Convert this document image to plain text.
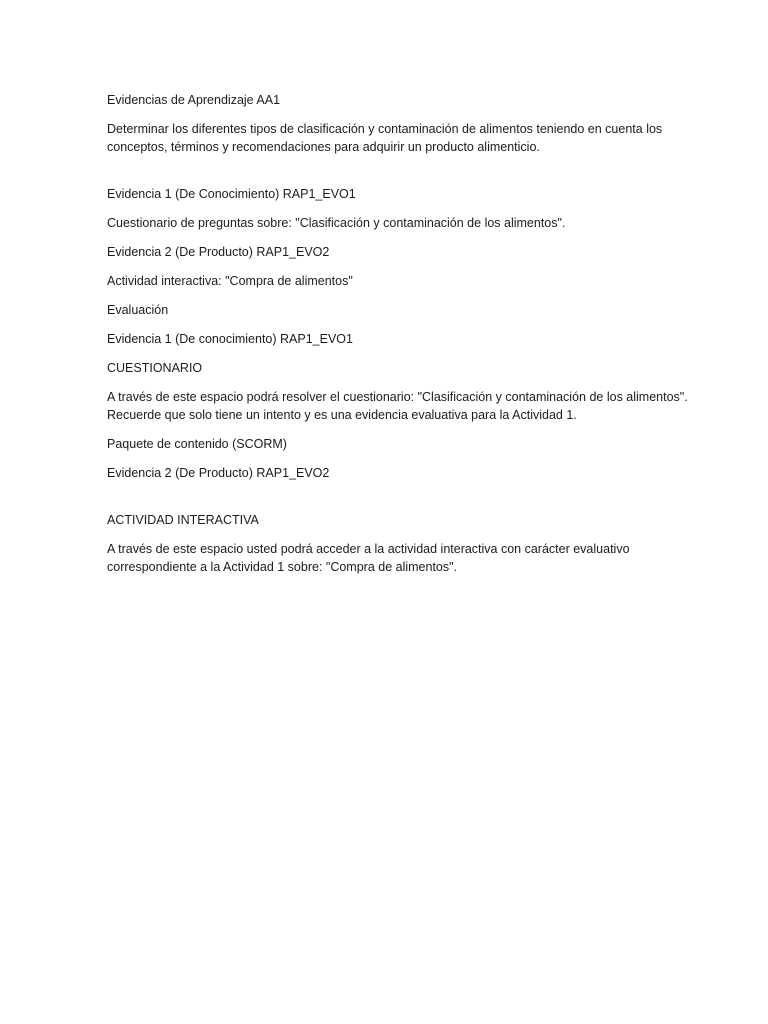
Evidencias de Aprendizaje AA1

Determinar los diferentes tipos de clasificación y contaminación de alimentos teniendo en cuenta los conceptos, términos y recomendaciones para adquirir un producto alimenticio.

Evidencia 1 (De Conocimiento) RAP1_EVO1

Cuestionario de preguntas sobre: "Clasificación y contaminación de los alimentos".

Evidencia 2 (De Producto) RAP1_EVO2

Actividad interactiva: "Compra de alimentos"

Evaluación

Evidencia 1 (De conocimiento) RAP1_EVO1

CUESTIONARIO

A través de este espacio podrá resolver el cuestionario: "Clasificación y contaminación de los alimentos". Recuerde que solo tiene un intento y es una evidencia evaluativa para la Actividad 1.

Paquete de contenido (SCORM)

Evidencia 2 (De Producto) RAP1_EVO2

ACTIVIDAD INTERACTIVA

A través de este espacio usted podrá acceder a la actividad interactiva con carácter evaluativo correspondiente a la Actividad 1 sobre: "Compra de alimentos".
